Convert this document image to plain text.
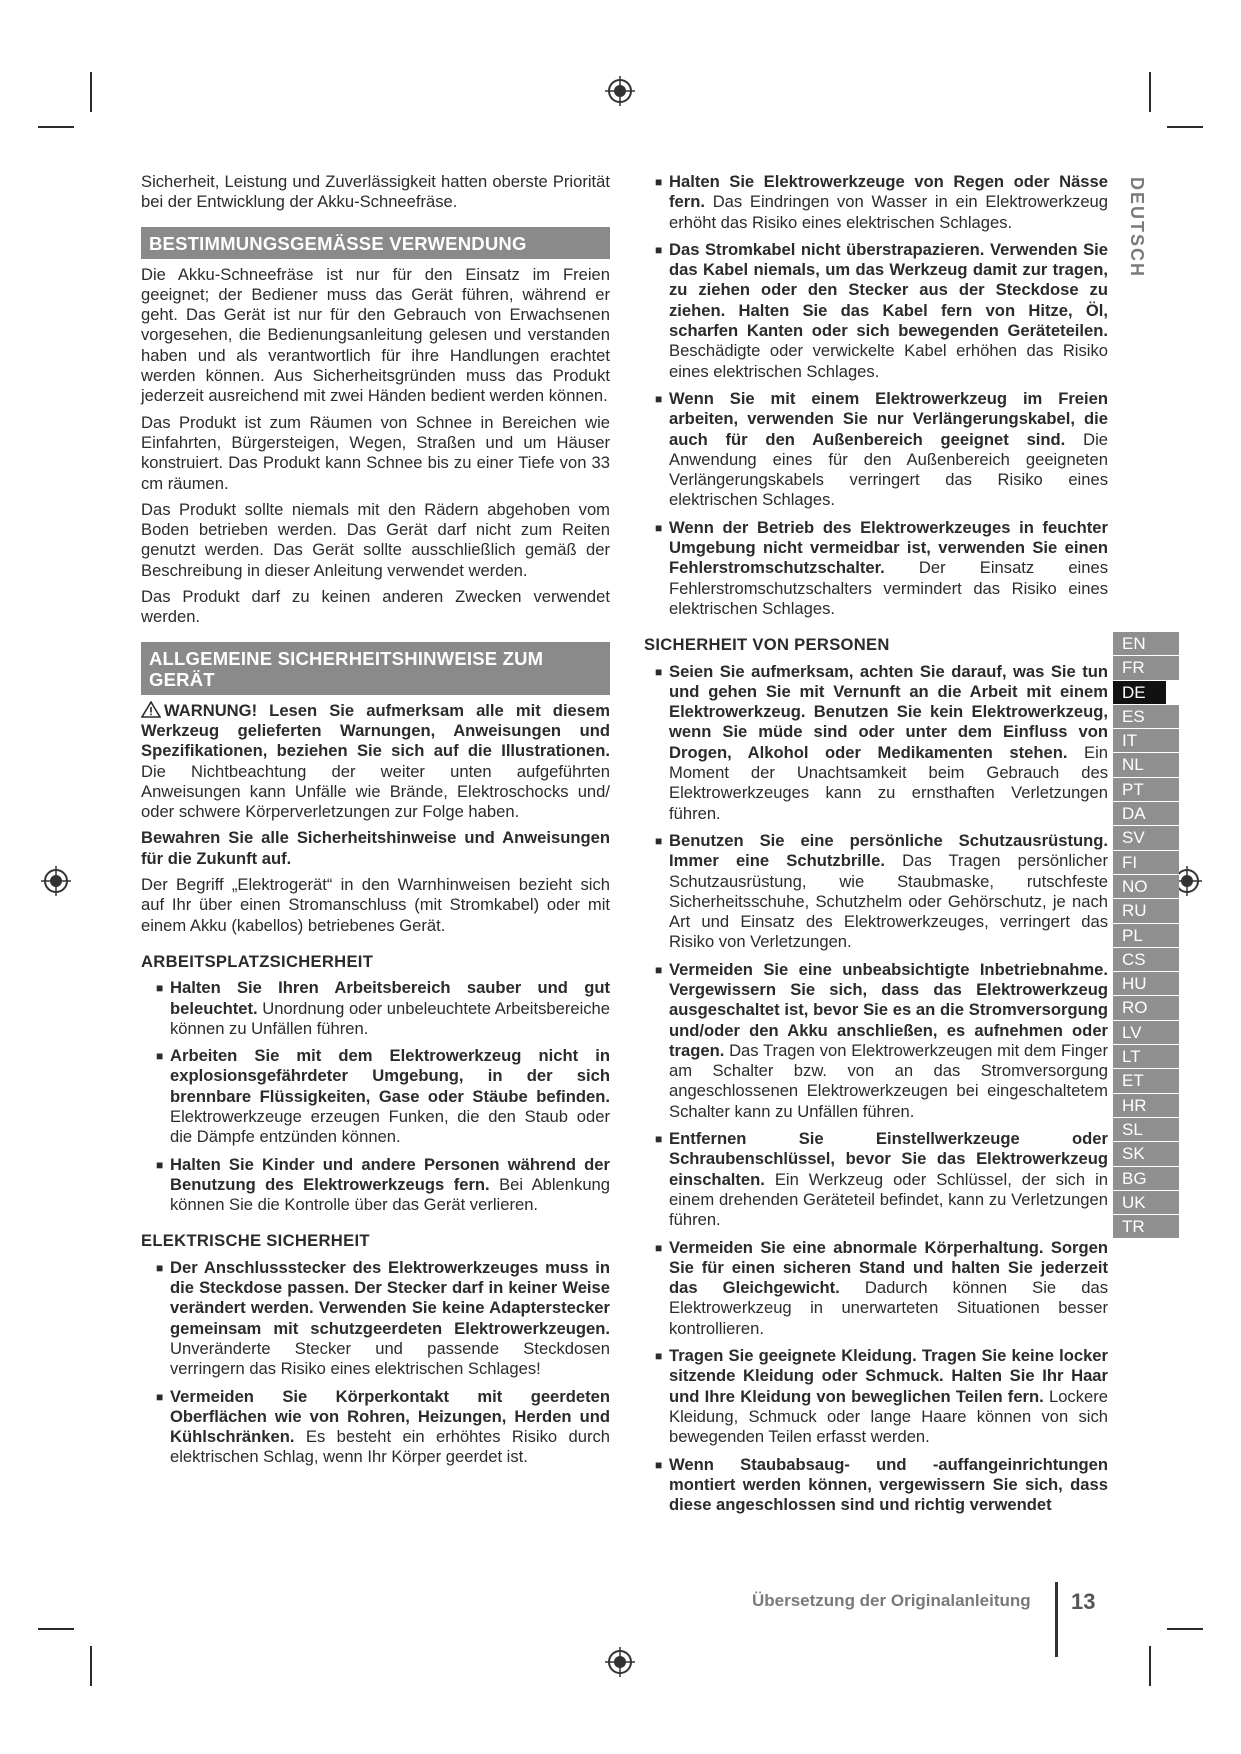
Sicherheit, Leistung und Zuverlässigkeit hatten oberste Priorität bei der Entwicklung der Akku-Schneefräse.

BESTIMMUNGSGEMÄSSE VERWENDUNG

Die Akku-Schneefräse ist nur für den Einsatz im Freien geeignet; der Bediener muss das Gerät führen, während er geht. Das Gerät ist nur für den Gebrauch von Erwachsenen vorgesehen, die Bedienungsanleitung gelesen und verstanden haben und als verantwortlich für ihre Handlungen erachtet werden können. Aus Sicherheitsgründen muss das Produkt jederzeit ausreichend mit zwei Händen bedient werden können.

Das Produkt ist zum Räumen von Schnee in Bereichen wie Einfahrten, Bürgersteigen, Wegen, Straßen und um Häuser konstruiert. Das Produkt kann Schnee bis zu einer Tiefe von 33 cm räumen.

Das Produkt sollte niemals mit den Rädern abgehoben vom Boden betrieben werden. Das Gerät darf nicht zum Reiten genutzt werden. Das Gerät sollte ausschließlich gemäß der Beschreibung in dieser Anleitung verwendet werden.

Das Produkt darf zu keinen anderen Zwecken verwendet werden.

ALLGEMEINE SICHERHEITSHINWEISE ZUM GERÄT

WARNUNG! Lesen Sie aufmerksam alle mit diesem Werkzeug gelieferten Warnungen, Anweisungen und Spezifikationen, beziehen Sie sich auf die Illustrationen. Die Nichtbeachtung der weiter unten aufgeführten Anweisungen kann Unfälle wie Brände, Elektroschocks und/ oder schwere Körperverletzungen zur Folge haben.

Bewahren Sie alle Sicherheitshinweise und Anweisungen für die Zukunft auf.

Der Begriff „Elektrogerät“ in den Warnhinweisen bezieht sich auf Ihr über einen Stromanschluss (mit Stromkabel) oder mit einem Akku (kabellos) betriebenes Gerät.

ARBEITSPLATZSICHERHEIT
■ Halten Sie Ihren Arbeitsbereich sauber und gut beleuchtet. Unordnung oder unbeleuchtete Arbeitsbereiche können zu Unfällen führen.
■ Arbeiten Sie mit dem Elektrowerkzeug nicht in explosionsgefährdeter Umgebung, in der sich brennbare Flüssigkeiten, Gase oder Stäube befinden. Elektrowerkzeuge erzeugen Funken, die den Staub oder die Dämpfe entzünden können.
■ Halten Sie Kinder und andere Personen während der Benutzung des Elektrowerkzeugs fern. Bei Ablenkung können Sie die Kontrolle über das Gerät verlieren.
ELEKTRISCHE SICHERHEIT
■ Der Anschlussstecker des Elektrowerkzeuges muss in die Steckdose passen. Der Stecker darf in keiner Weise verändert werden. Verwenden Sie keine Adapterstecker gemeinsam mit schutzgeerdeten Elektrowerkzeugen. Unveränderte Stecker und passende Steckdosen verringern das Risiko eines elektrischen Schlages!
■ Vermeiden Sie Körperkontakt mit geerdeten Oberflächen wie von Rohren, Heizungen, Herden und Kühlschränken. Es besteht ein erhöhtes Risiko durch elektrischen Schlag, wenn Ihr Körper geerdet ist.
■ Halten Sie Elektrowerkzeuge von Regen oder Nässe fern. Das Eindringen von Wasser in ein Elektrowerkzeug erhöht das Risiko eines elektrischen Schlages.
■ Das Stromkabel nicht überstrapazieren. Verwenden Sie das Kabel niemals, um das Werkzeug damit zur tragen, zu ziehen oder den Stecker aus der Steckdose zu ziehen. Halten Sie das Kabel fern von Hitze, Öl, scharfen Kanten oder sich bewegenden Geräteteilen. Beschädigte oder verwickelte Kabel erhöhen das Risiko eines elektrischen Schlages.
■ Wenn Sie mit einem Elektrowerkzeug im Freien arbeiten, verwenden Sie nur Verlängerungskabel, die auch für den Außenbereich geeignet sind. Die Anwendung eines für den Außenbereich geeigneten Verlängerungskabels verringert das Risiko eines elektrischen Schlages.
■ Wenn der Betrieb des Elektrowerkzeuges in feuchter Umgebung nicht vermeidbar ist, verwenden Sie einen Fehlerstromschutzschalter. Der Einsatz eines Fehlerstromschutzschalters vermindert das Risiko eines elektrischen Schlages.
SICHERHEIT VON PERSONEN
■ Seien Sie aufmerksam, achten Sie darauf, was Sie tun und gehen Sie mit Vernunft an die Arbeit mit einem Elektrowerkzeug. Benutzen Sie kein Elektrowerkzeug, wenn Sie müde sind oder unter dem Einfluss von Drogen, Alkohol oder Medikamenten stehen. Ein Moment der Unachtsamkeit beim Gebrauch des Elektrowerkzeuges kann zu ernsthaften Verletzungen führen.
■ Benutzen Sie eine persönliche Schutzausrüstung. Immer eine Schutzbrille. Das Tragen persönlicher Schutzausrüstung, wie Staubmaske, rutschfeste Sicherheitsschuhe, Schutzhelm oder Gehörschutz, je nach Art und Einsatz des Elektrowerkzeuges, verringert das Risiko von Verletzungen.
■ Vermeiden Sie eine unbeabsichtigte Inbetriebnahme. Vergewissern Sie sich, dass das Elektrowerkzeug ausgeschaltet ist, bevor Sie es an die Stromversorgung und/oder den Akku anschließen, es aufnehmen oder tragen. Das Tragen von Elektrowerkzeugen mit dem Finger am Schalter bzw. von an das Stromversorgung angeschlossenen Elektrowerkzeugen bei eingeschaltetem Schalter kann zu Unfällen führen.
■ Entfernen Sie Einstellwerkzeuge oder Schraubenschlüssel, bevor Sie das Elektrowerkzeug einschalten. Ein Werkzeug oder Schlüssel, der sich in einem drehenden Geräteteil befindet, kann zu Verletzungen führen.
■ Vermeiden Sie eine abnormale Körperhaltung. Sorgen Sie für einen sicheren Stand und halten Sie jederzeit das Gleichgewicht. Dadurch können Sie das Elektrowerkzeug in unerwarteten Situationen besser kontrollieren.
■ Tragen Sie geeignete Kleidung. Tragen Sie keine locker sitzende Kleidung oder Schmuck. Halten Sie Ihr Haar und Ihre Kleidung von beweglichen Teilen fern. Lockere Kleidung, Schmuck oder lange Haare können von sich bewegenden Teilen erfasst werden.
■ Wenn Staubabsaug- und -auffangeinrichtungen montiert werden können, vergewissern Sie sich, dass diese angeschlossen sind und richtig verwendet
DEUTSCH
EN
FR
DE
ES
IT
NL
PT
DA
SV
FI
NO
RU
PL
CS
HU
RO
LV
LT
ET
HR
SL
SK
BG
UK
TR
Übersetzung der Originalanleitung 13
